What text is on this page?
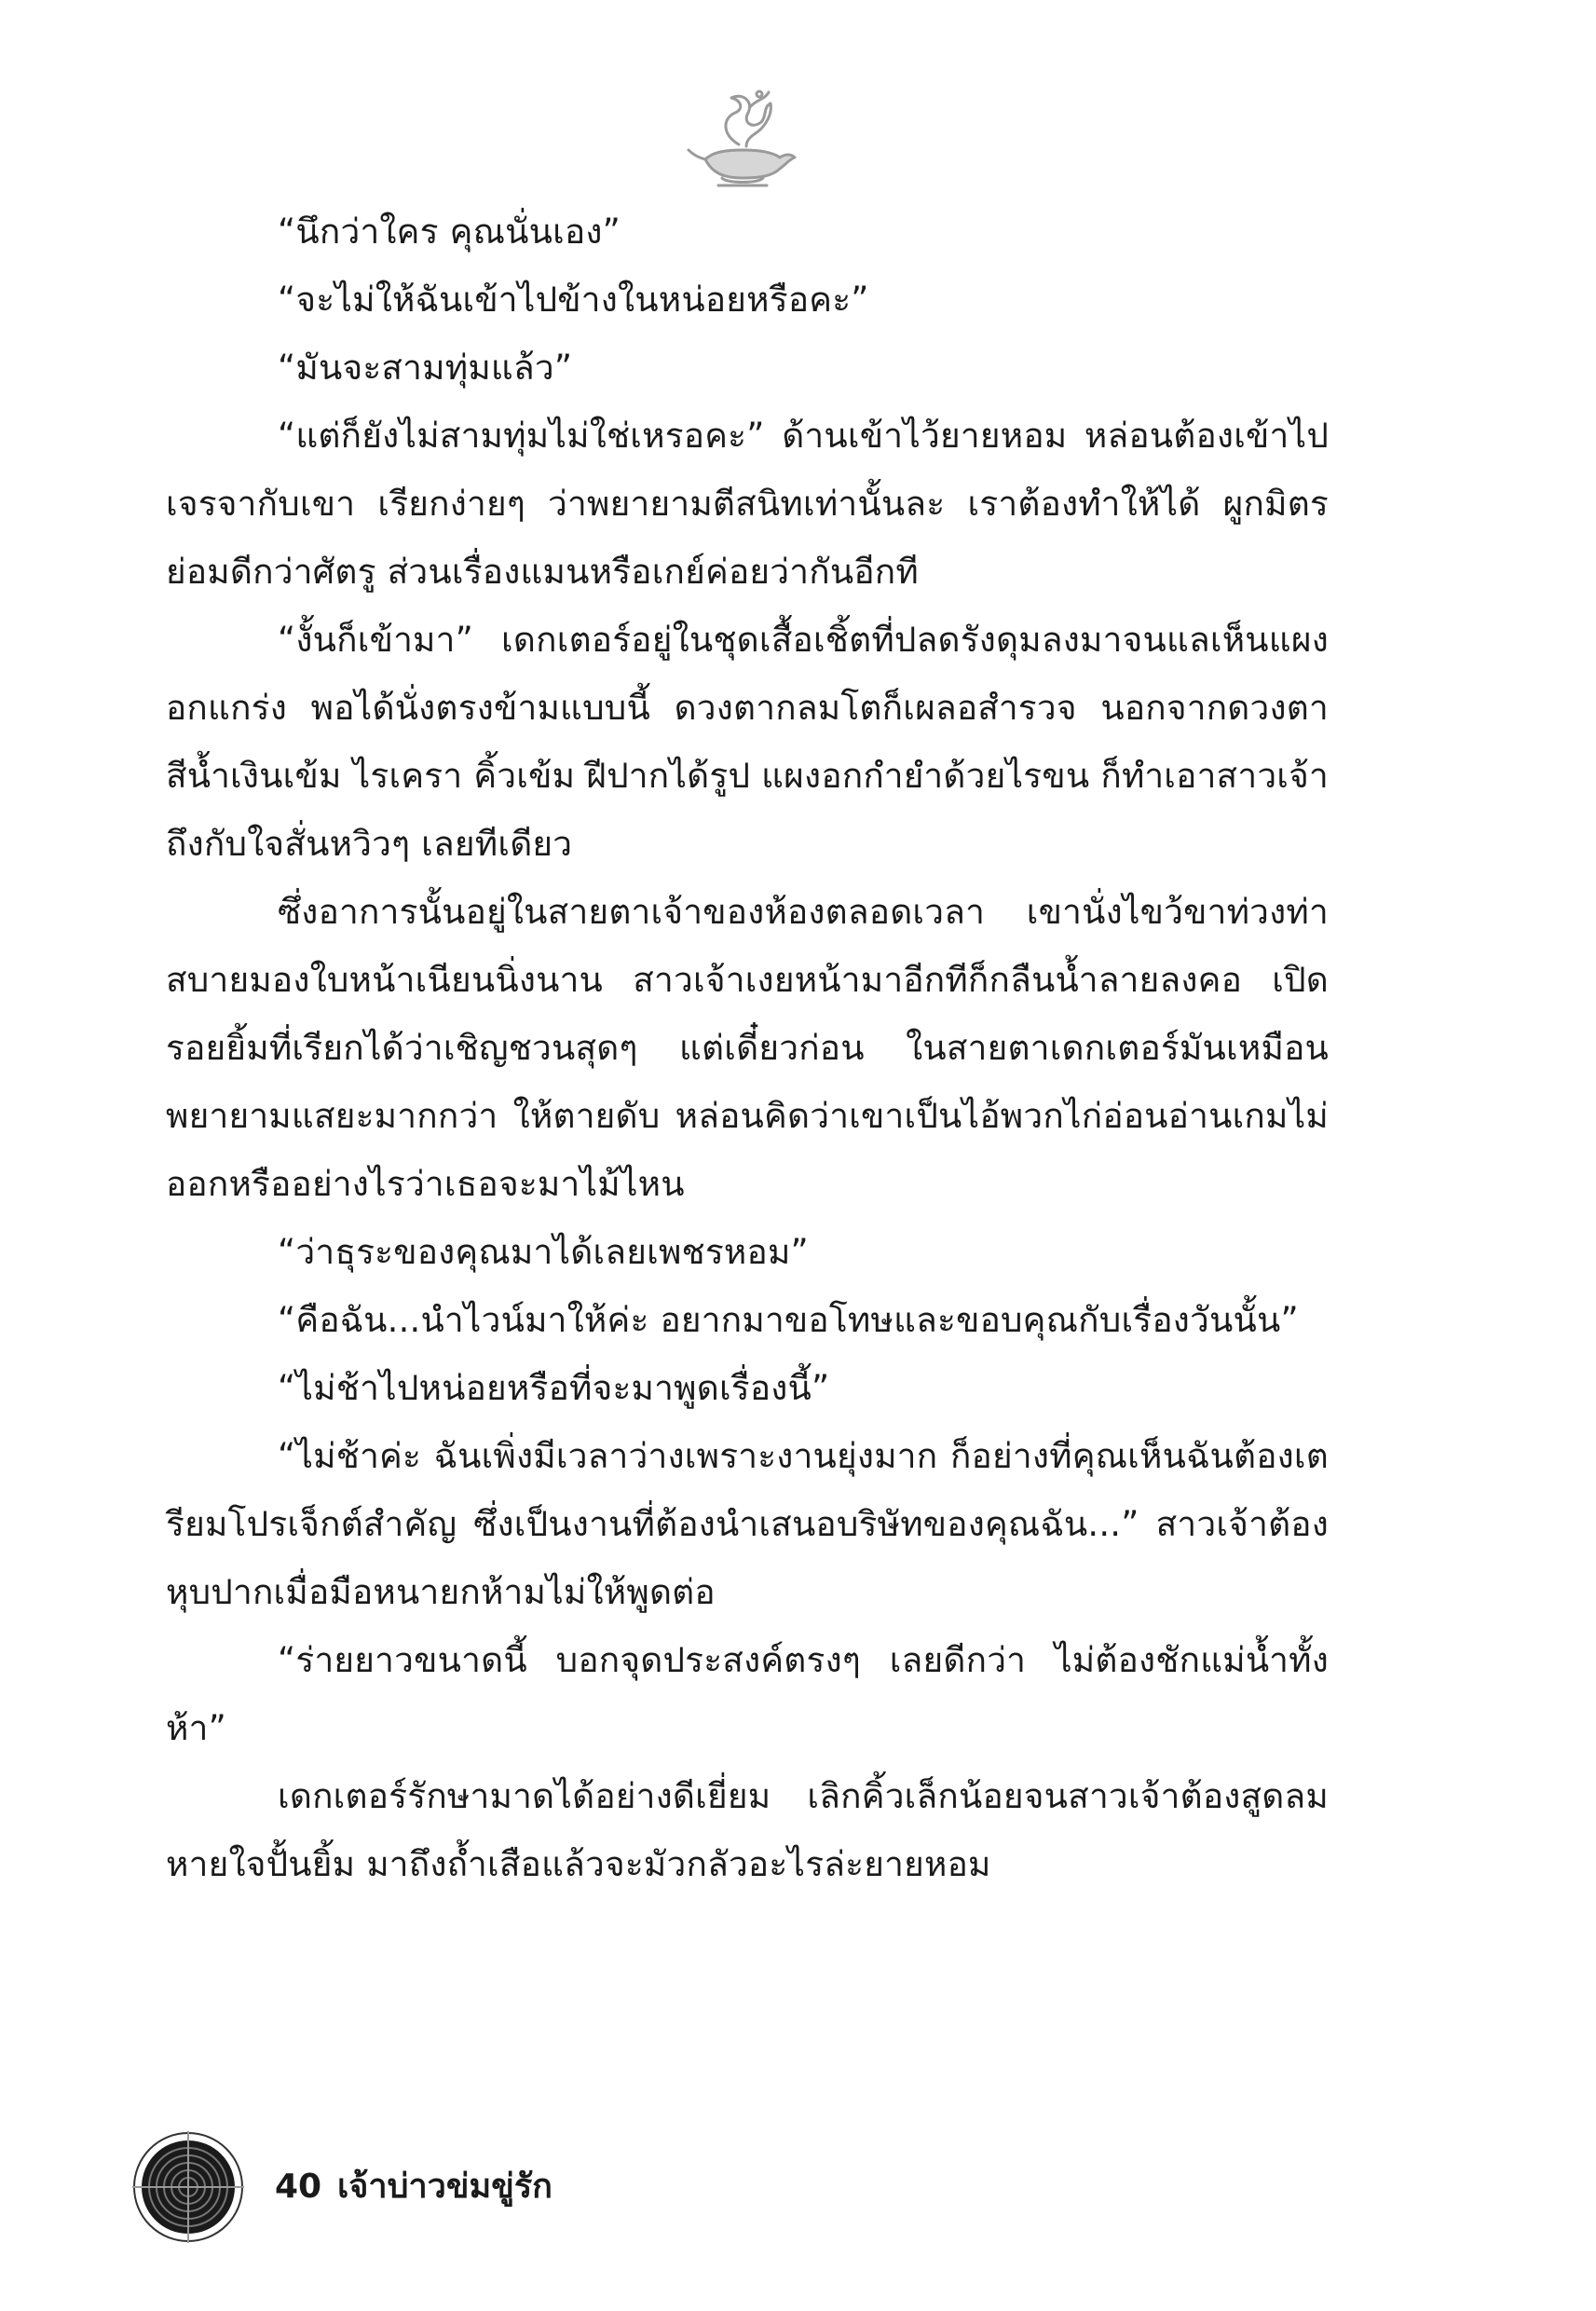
“นึกว่าใคร คุณนั่นเอง”

“จะไม่ให้ฉันเข้าไปข้างในหน่อยหรือคะ”

“มันจะสามทุ่มแล้ว”

“แต่ก็ยังไม่สามทุ่มไม่ใช่เหรอคะ” ด้านเข้าไว้ยายหอม หล่อนต้องเข้าไปเจรจากับเขา เรียกง่ายๆ ว่าพยายามตีสนิทเท่านั้นละ เราต้องทำให้ได้ ผูกมิตรย่อมดีกว่าศัตรู ส่วนเรื่องแมนหรือเกย์ค่อยว่ากันอีกที

“งั้นก็เข้ามา” เดกเตอร์อยู่ในชุดเสื้อเชิ้ตที่ปลดรังดุมลงมาจนแลเห็นแผงอกแกร่ง พอได้นั่งตรงข้ามแบบนี้ ดวงตากลมโตก็เผลอสำรวจ นอกจากดวงตาสีน้ำเงินเข้ม ไรเครา คิ้วเข้ม ฝีปากได้รูป แผงอกกำยำด้วยไรขน ก็ทำเอาสาวเจ้าถึงกับใจสั่นหวิวๆ เลยทีเดียว

ซึ่งอาการนั้นอยู่ในสายตาเจ้าของห้องตลอดเวลา เขานั่งไขว้ขาท่วงท่าสบายมองใบหน้าเนียนนิ่งนาน สาวเจ้าเงยหน้ามาอีกทีก็กลืนน้ำลายลงคอ เปิดรอยยิ้มที่เรียกได้ว่าเชิญชวนสุดๆ แต่เดี๋ยวก่อน ในสายตาเดกเตอร์มันเหมือนพยายามแสยะมากกว่า ให้ตายดับ หล่อนคิดว่าเขาเป็นไอ้พวกไก่อ่อนอ่านเกมไม่ออกหรืออย่างไรว่าเธอจะมาไม้ไหน

“ว่าธุระของคุณมาได้เลยเพชรหอม”

“คือฉัน...นำไวน์มาให้ค่ะ อยากมาขอโทษและขอบคุณกับเรื่องวันนั้น”

“ไม่ช้าไปหน่อยหรือที่จะมาพูดเรื่องนี้”

“ไม่ช้าค่ะ ฉันเพิ่งมีเวลาว่างเพราะงานยุ่งมาก ก็อย่างที่คุณเห็นฉันต้องเตรียมโปรเจ็กต์สำคัญ ซึ่งเป็นงานที่ต้องนำเสนอบริษัทของคุณฉัน...” สาวเจ้าต้องหุบปากเมื่อมือหนายกห้ามไม่ให้พูดต่อ

“ร่ายยาวขนาดนี้ บอกจุดประสงค์ตรงๆ เลยดีกว่า ไม่ต้องชักแม่น้ำทั้งห้า”

เดกเตอร์รักษามาดได้อย่างดีเยี่ยม เลิกคิ้วเล็กน้อยจนสาวเจ้าต้องสูดลมหายใจปั้นยิ้ม มาถึงถ้ำเสือแล้วจะมัวกลัวอะไรล่ะยายหอม

40 เจ้าบ่าวข่มขู่รัก
